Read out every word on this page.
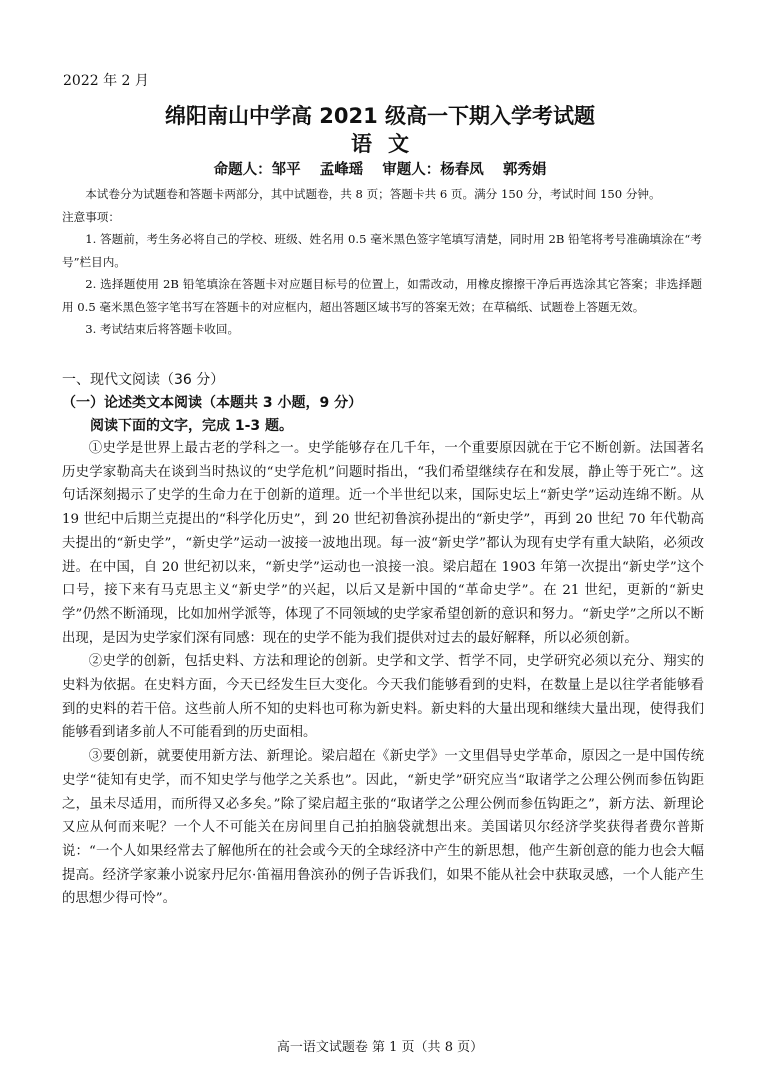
2022 年 2 月
绵阳南山中学高 2021 级高一下期入学考试题
语文
命题人：邹平 孟峰瑶 审题人：杨春凤 郭秀娟

本试卷分为试题卷和答题卡两部分，其中试题卷，共 8 页；答题卡共 6 页。满分 150 分，考试时间 150 分钟。

注意事项：

1. 答题前，考生务必将自己的学校、班级、姓名用 0.5 毫米黑色签字笔填写清楚，同时用 2B 铅笔将考号准确填涂在“考号”栏目内。

2. 选择题使用 2B 铅笔填涂在答题卡对应题目标号的位置上，如需改动，用橡皮擦擦干净后再选涂其它答案；非选择题用 0.5 毫米黑色签字笔书写在答题卡的对应框内，超出答题区域书写的答案无效；在草稿纸、试题卷上答题无效。

3. 考试结束后将答题卡收回。

一、现代文阅读（36 分）
（一）论述类文本阅读（本题共 3 小题，9 分）
阅读下面的文字，完成 1-3 题。

①史学是世界上最古老的学科之一。史学能够存在几千年，一个重要原因就在于它不断创新。法国著名历史学家勒高夫在谈到当时热议的“史学危机”问题时指出，“我们希望继续存在和发展，静止等于死亡”。这句话深刻揭示了史学的生命力在于创新的道理。近一个半世纪以来，国际史坛上“新史学”运动连绵不断。从 19 世纪中后期兰克提出的“科学化历史”，到 20 世纪初鲁滨孙提出的“新史学”，再到 20 世纪 70 年代勒高夫提出的“新史学”，“新史学”运动一波接一波地出现。每一波“新史学”都认为现有史学有重大缺陷，必须改进。在中国，自 20 世纪初以来，“新史学”运动也一浪接一浪。梁启超在 1903 年第一次提出“新史学”这个口号，接下来有马克思主义“新史学”的兴起，以后又是新中国的“革命史学”。在 21 世纪，更新的“新史学”仍然不断涌现，比如加州学派等，体现了不同领域的史学家希望创新的意识和努力。“新史学”之所以不断出现，是因为史学家们深有同感：现在的史学不能为我们提供对过去的最好解释，所以必须创新。

②史学的创新，包括史料、方法和理论的创新。史学和文学、哲学不同，史学研究必须以充分、翔实的史料为依据。在史料方面，今天已经发生巨大变化。今天我们能够看到的史料，在数量上是以往学者能够看到的史料的若干倍。这些前人所不知的史料也可称为新史料。新史料的大量出现和继续大量出现，使得我们能够看到诸多前人不可能看到的历史面相。

③要创新，就要使用新方法、新理论。梁启超在《新史学》一文里倡导史学革命，原因之一是中国传统史学“徒知有史学，而不知史学与他学之关系也”。因此，“新史学”研究应当“取诸学之公理公例而参伍钩距之，虽未尽适用，而所得又必多矣。”除了梁启超主张的“取诸学之公理公例而参伍钩距之”，新方法、新理论又应从何而来呢？一个人不可能关在房间里自己拍拍脑袋就想出来。美国诺贝尔经济学奖获得者费尔普斯说：“一个人如果经常去了解他所在的社会或今天的全球经济中产生的新思想，他产生新创意的能力也会大幅提高。经济学家兼小说家丹尼尔·笛福用鲁滨孙的例子告诉我们，如果不能从社会中获取灵感，一个人能产生的思想少得可怜”。

高一语文试题卷 第 1 页（共 8 页）
